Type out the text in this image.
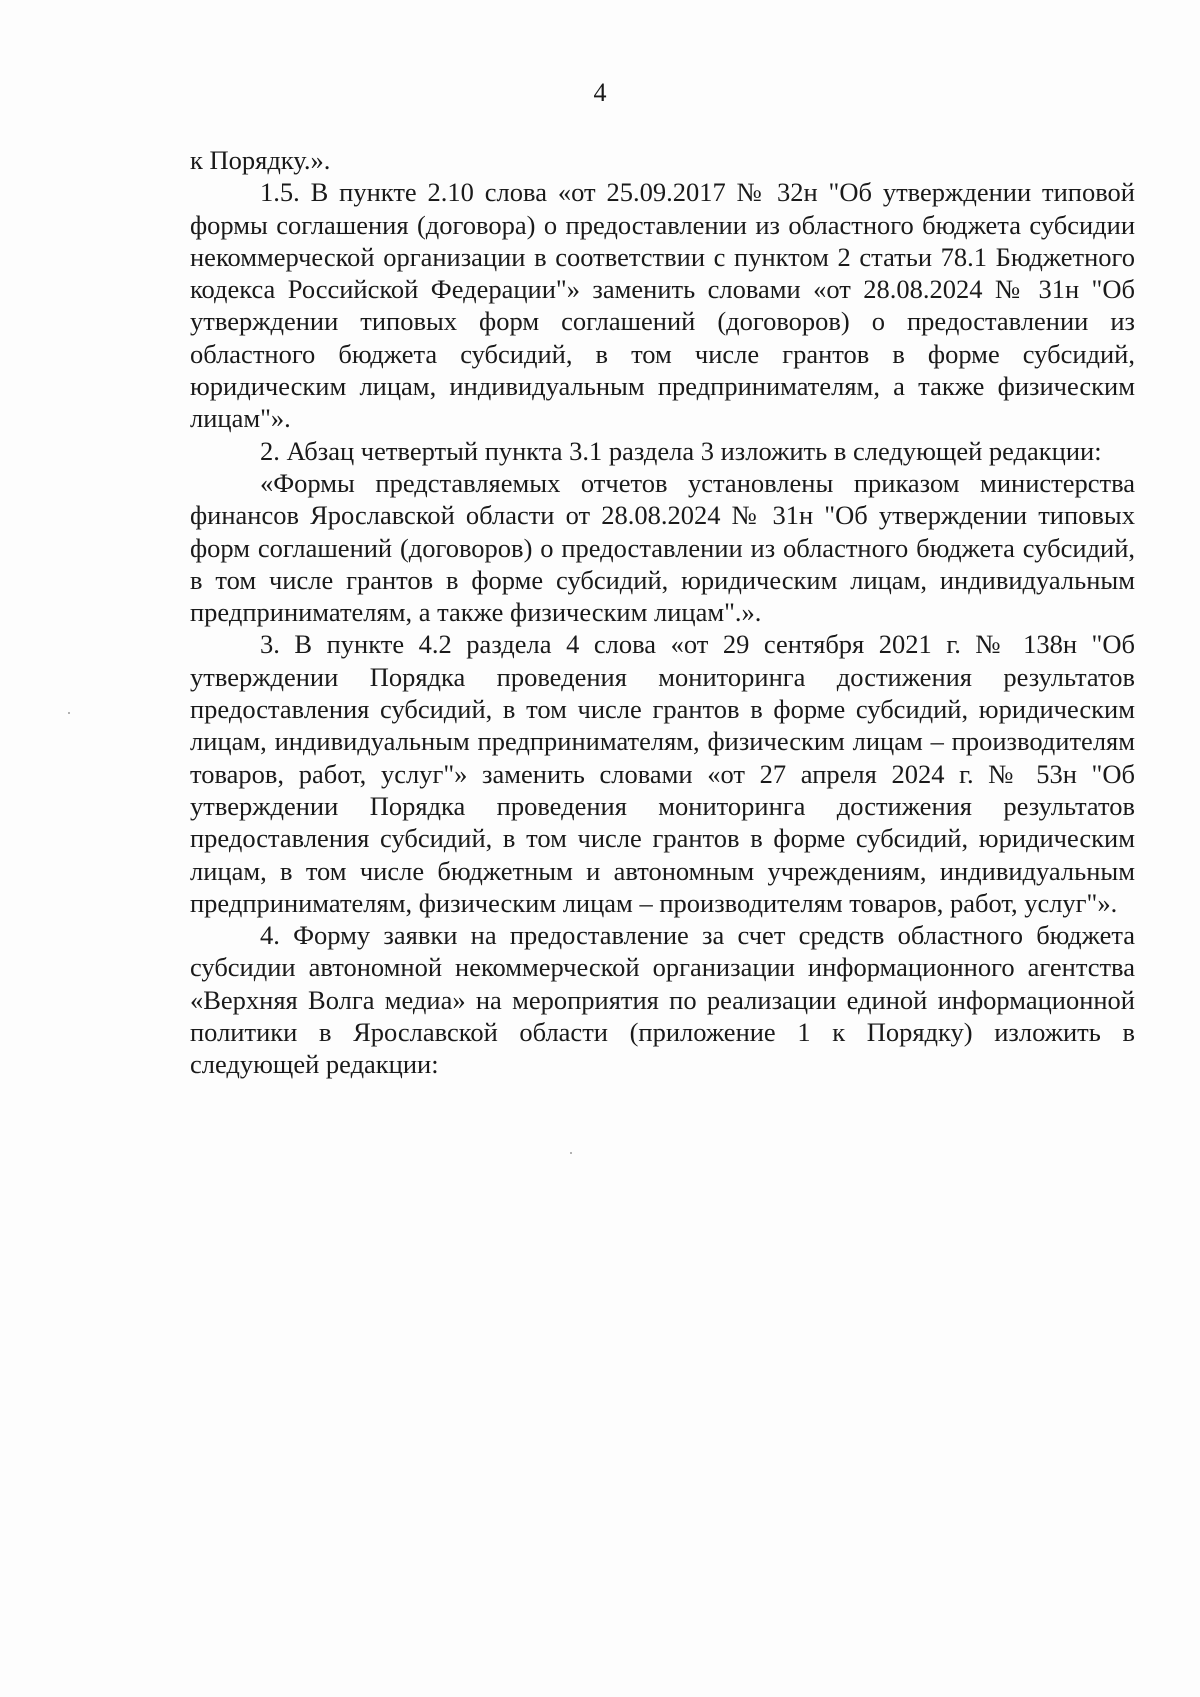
4

к Порядку.».

1.5. В пункте 2.10 слова «от 25.09.2017 № 32н "Об утверждении типовой формы соглашения (договора) о предоставлении из областного бюджета субсидии некоммерческой организации в соответствии с пунктом 2 статьи 78.1 Бюджетного кодекса Российской Федерации"» заменить словами «от 28.08.2024 № 31н "Об утверждении типовых форм соглашений (договоров) о предоставлении из областного бюджета субсидий, в том числе грантов в форме субсидий, юридическим лицам, индивидуальным предпринимателям, а также физическим лицам"».

2. Абзац четвертый пункта 3.1 раздела 3 изложить в следующей редакции:

«Формы представляемых отчетов установлены приказом министерства финансов Ярославской области от 28.08.2024 № 31н "Об утверждении типовых форм соглашений (договоров) о предоставлении из областного бюджета субсидий, в том числе грантов в форме субсидий, юридическим лицам, индивидуальным предпринимателям, а также физическим лицам".».

3. В пункте 4.2 раздела 4 слова «от 29 сентября 2021 г. № 138н "Об утверждении Порядка проведения мониторинга достижения результатов предоставления субсидий, в том числе грантов в форме субсидий, юридическим лицам, индивидуальным предпринимателям, физическим лицам – производителям товаров, работ, услуг"» заменить словами «от 27 апреля 2024 г. № 53н "Об утверждении Порядка проведения мониторинга достижения результатов предоставления субсидий, в том числе грантов в форме субсидий, юридическим лицам, в том числе бюджетным и автономным учреждениям, индивидуальным предпринимателям, физическим лицам – производителям товаров, работ, услуг"».

4. Форму заявки на предоставление за счет средств областного бюджета субсидии автономной некоммерческой организации информационного агентства «Верхняя Волга медиа» на мероприятия по реализации единой информационной политики в Ярославской области (приложение 1 к Порядку) изложить в следующей редакции:
